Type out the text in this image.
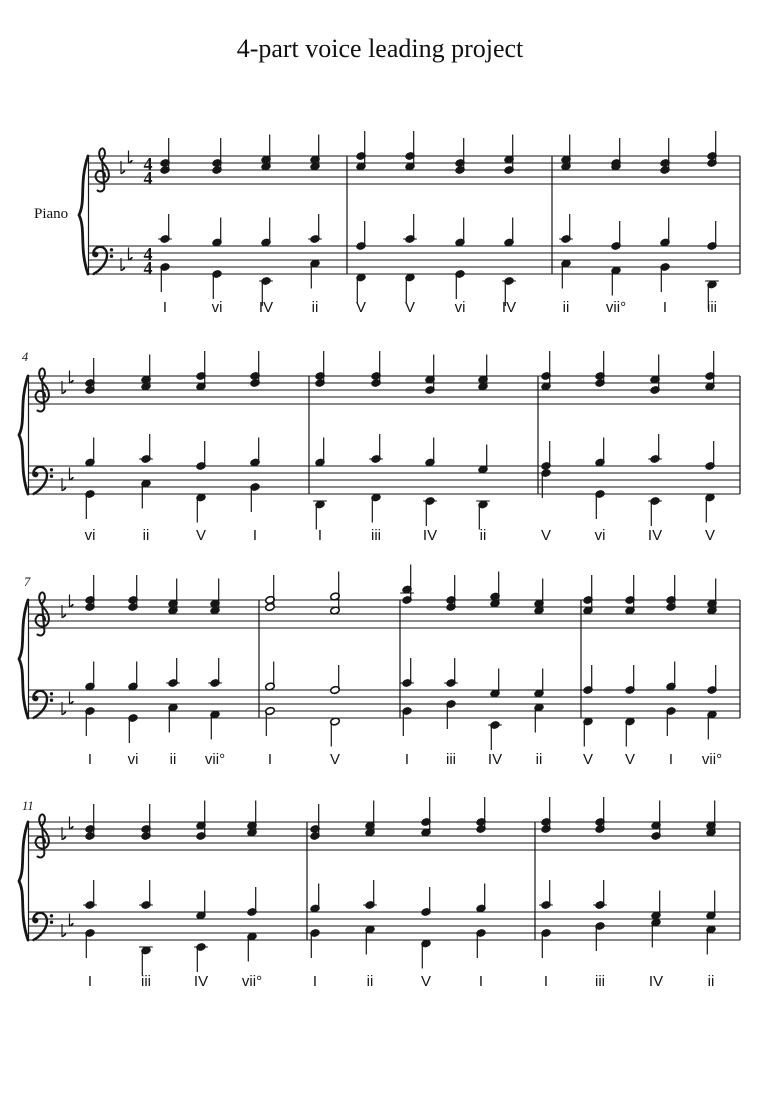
4-part voice leading project
Piano
4
4
4
4
I	vi IV	ii	V	V	vi IV	ii vii° I	iii
4
vi	ii	V	I	I	iii	IV	ii	V	vi	IV	V
7
I vi ii vii°	I	V	I iii IV ii	V V I vii°
11
I	iii	IV vii°	I	ii	V	I	I	iii	IV	ii
